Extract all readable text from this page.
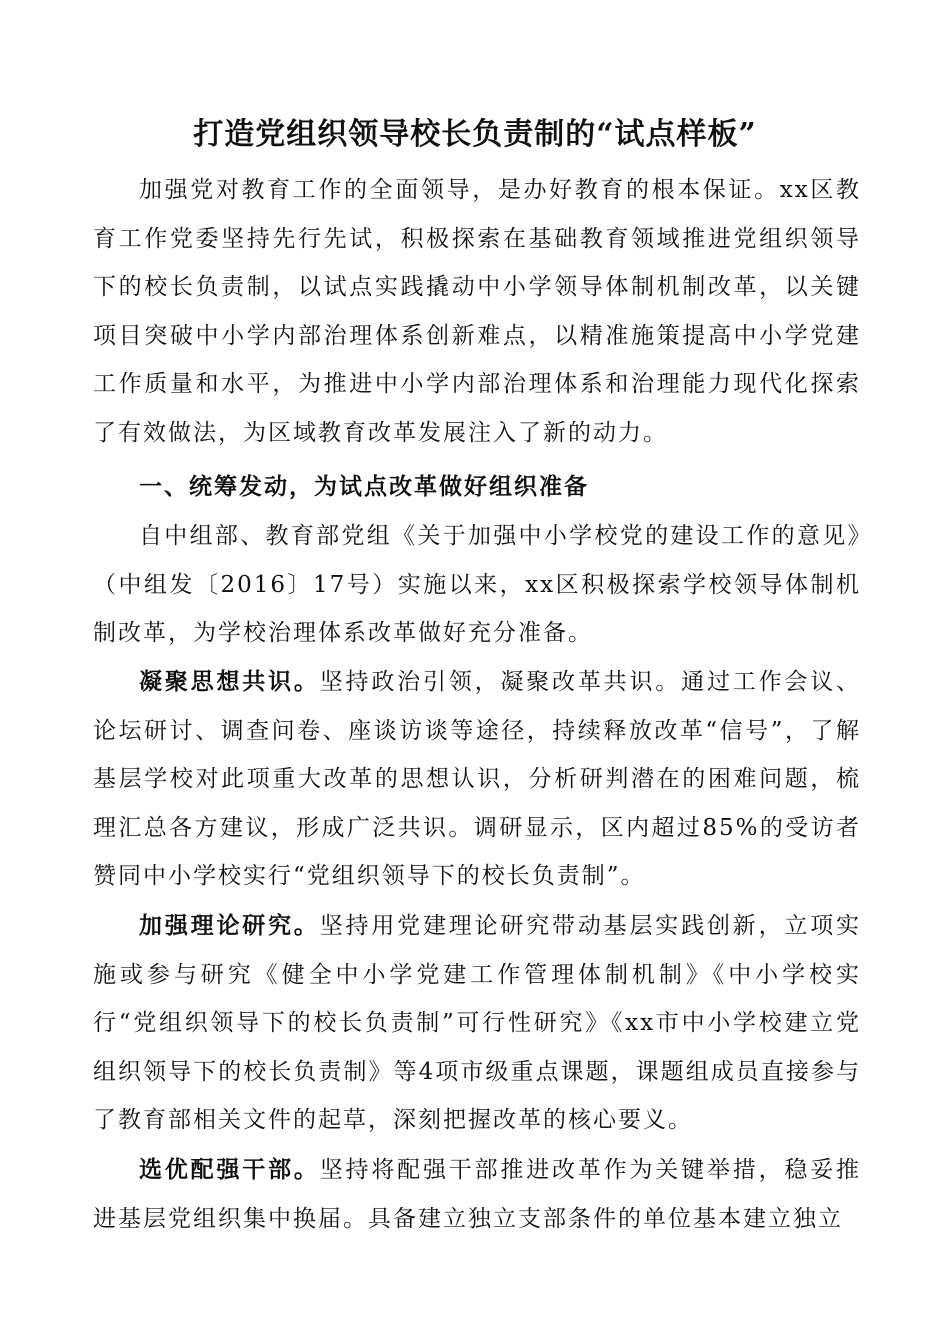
打造党组织领导校长负责制的“试点样板”

加强党对教育工作的全面领导，是办好教育的根本保证。xx区教育工作党委坚持先行先试，积极探索在基础教育领域推进党组织领导下的校长负责制，以试点实践撬动中小学领导体制机制改革，以关键项目突破中小学内部治理体系创新难点，以精准施策提高中小学党建工作质量和水平，为推进中小学内部治理体系和治理能力现代化探索了有效做法，为区域教育改革发展注入了新的动力。

一、统筹发动，为试点改革做好组织准备

自中组部、教育部党组《关于加强中小学校党的建设工作的意见》（中组发〔2016〕17号）实施以来，xx区积极探索学校领导体制机制改革，为学校治理体系改革做好充分准备。

凝聚思想共识。坚持政治引领，凝聚改革共识。通过工作会议、论坛研讨、调查问卷、座谈访谈等途径，持续释放改革“信号”，了解基层学校对此项重大改革的思想认识，分析研判潜在的困难问题，梳理汇总各方建议，形成广泛共识。调研显示，区内超过85%的受访者赞同中小学校实行“党组织领导下的校长负责制”。

加强理论研究。坚持用党建理论研究带动基层实践创新，立项实施或参与研究《健全中小学党建工作管理体制机制》《中小学校实行“党组织领导下的校长负责制”可行性研究》《xx市中小学校建立党组织领导下的校长负责制》等4项市级重点课题，课题组成员直接参与了教育部相关文件的起草，深刻把握改革的核心要义。

选优配强干部。坚持将配强干部推进改革作为关键举措，稳妥推进基层党组织集中换届。具备建立独立支部条件的单位基本建立独立
